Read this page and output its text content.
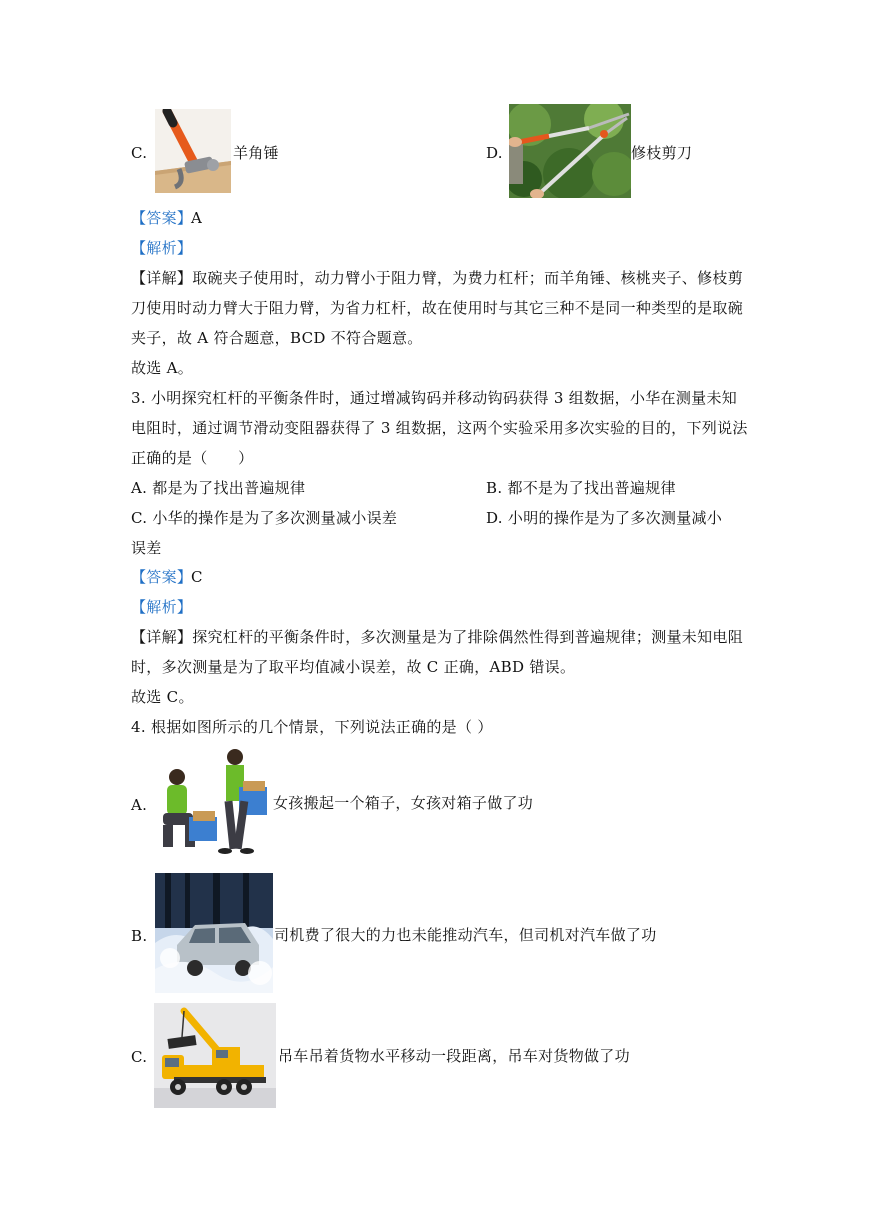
C.	羊角锤	D.	修枝剪刀
【答案】
A
【解析】
【详解】取碗夹子使用时，动力臂小于阻力臂，为费力杠杆；而羊角锤、核桃夹子、修枝剪
刀使用时动力臂大于阻力臂，为省力杠杆，故在使用时与其它三种不是同一种类型的是取碗
夹子，故 A 符合题意，BCD 不符合题意。
故选 A。
3. 小明探究杠杆的平衡条件时，通过增减钩码并移动钩码获得 3 组数据，小华在测量未知
电阻时，通过调节滑动变阻器获得了 3 组数据，这两个实验采用多次实验的目的，下列说法
正确的是（　　）
A. 都是为了找出普遍规律	B. 都不是为了找出普遍规律
C. 小华的操作是为了多次测量减小误差	D. 小明的操作是为了多次测量减小
误差
【答案】
C
【解析】
【详解】探究杠杆的平衡条件时，多次测量是为了排除偶然性得到普遍规律；测量未知电阻
时，多次测量是为了取平均值减小误差，故 C 正确，ABD 错误。
故选 C。
4. 根据如图所示的几个情景，下列说法正确的是（ ）
A.	女孩搬起一个箱子，女孩对箱子做了功
B.	司机费了很大的力也未能推动汽车，但司机对汽车做了功
C.	吊车吊着货物水平移动一段距离，吊车对货物做了功
